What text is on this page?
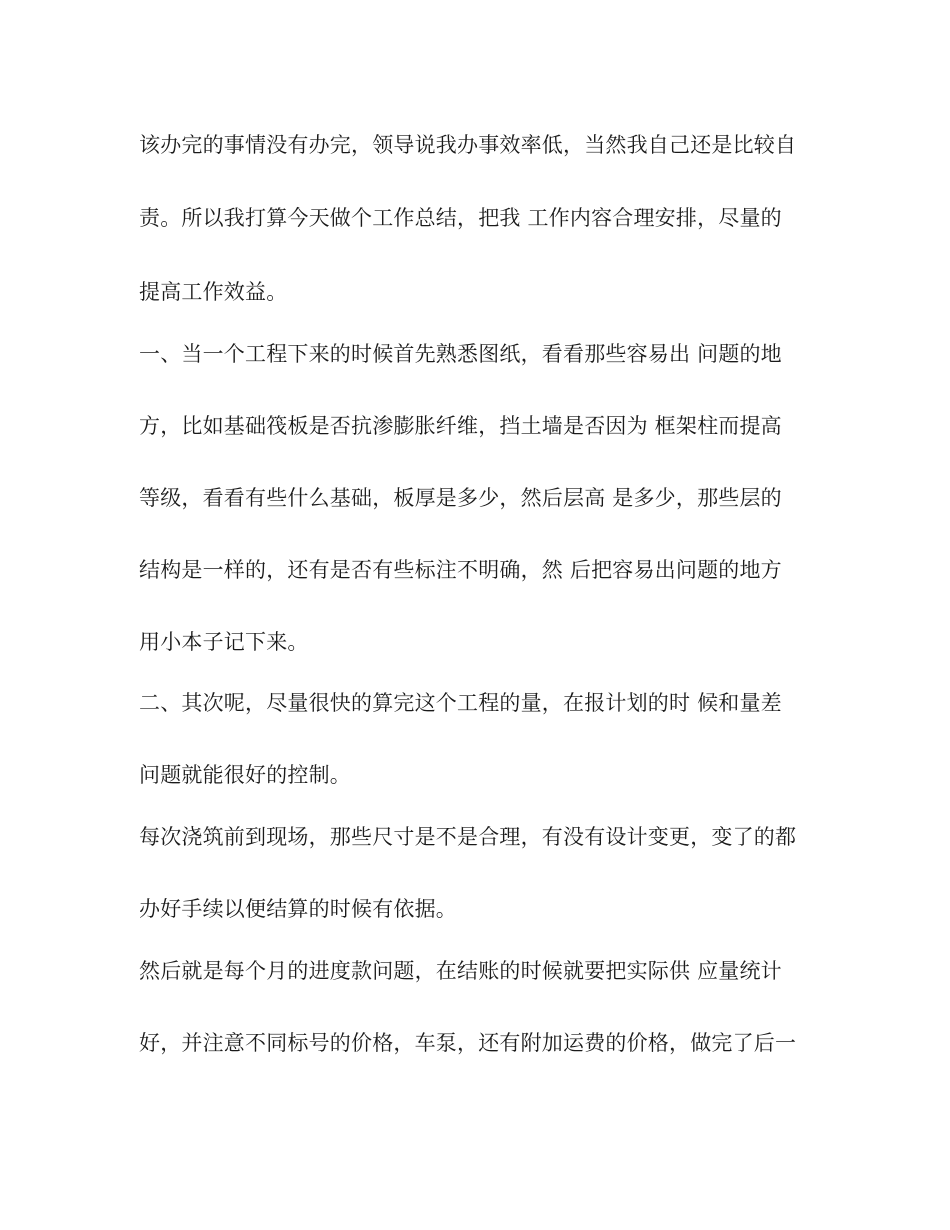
该办完的事情没有办完，领导说我办事效率低，当然我自己还是比较自
责。所以我打算今天做个工作总结，把我 工作内容合理安排，尽量的
提高工作效益。
一、当一个工程下来的时候首先熟悉图纸，看看那些容易出 问题的地
方，比如基础筏板是否抗渗膨胀纤维，挡土墙是否因为 框架柱而提高
等级，看看有些什么基础，板厚是多少，然后层高 是多少，那些层的
结构是一样的，还有是否有些标注不明确，然 后把容易出问题的地方
用小本子记下来。
二、其次呢，尽量很快的算完这个工程的量，在报计划的时 候和量差
问题就能很好的控制。
每次浇筑前到现场，那些尺寸是不是合理，有没有设计变更，变了的都
办好手续以便结算的时候有依据。
然后就是每个月的进度款问题，在结账的时候就要把实际供 应量统计
好，并注意不同标号的价格，车泵，还有附加运费的价格，做完了后一
